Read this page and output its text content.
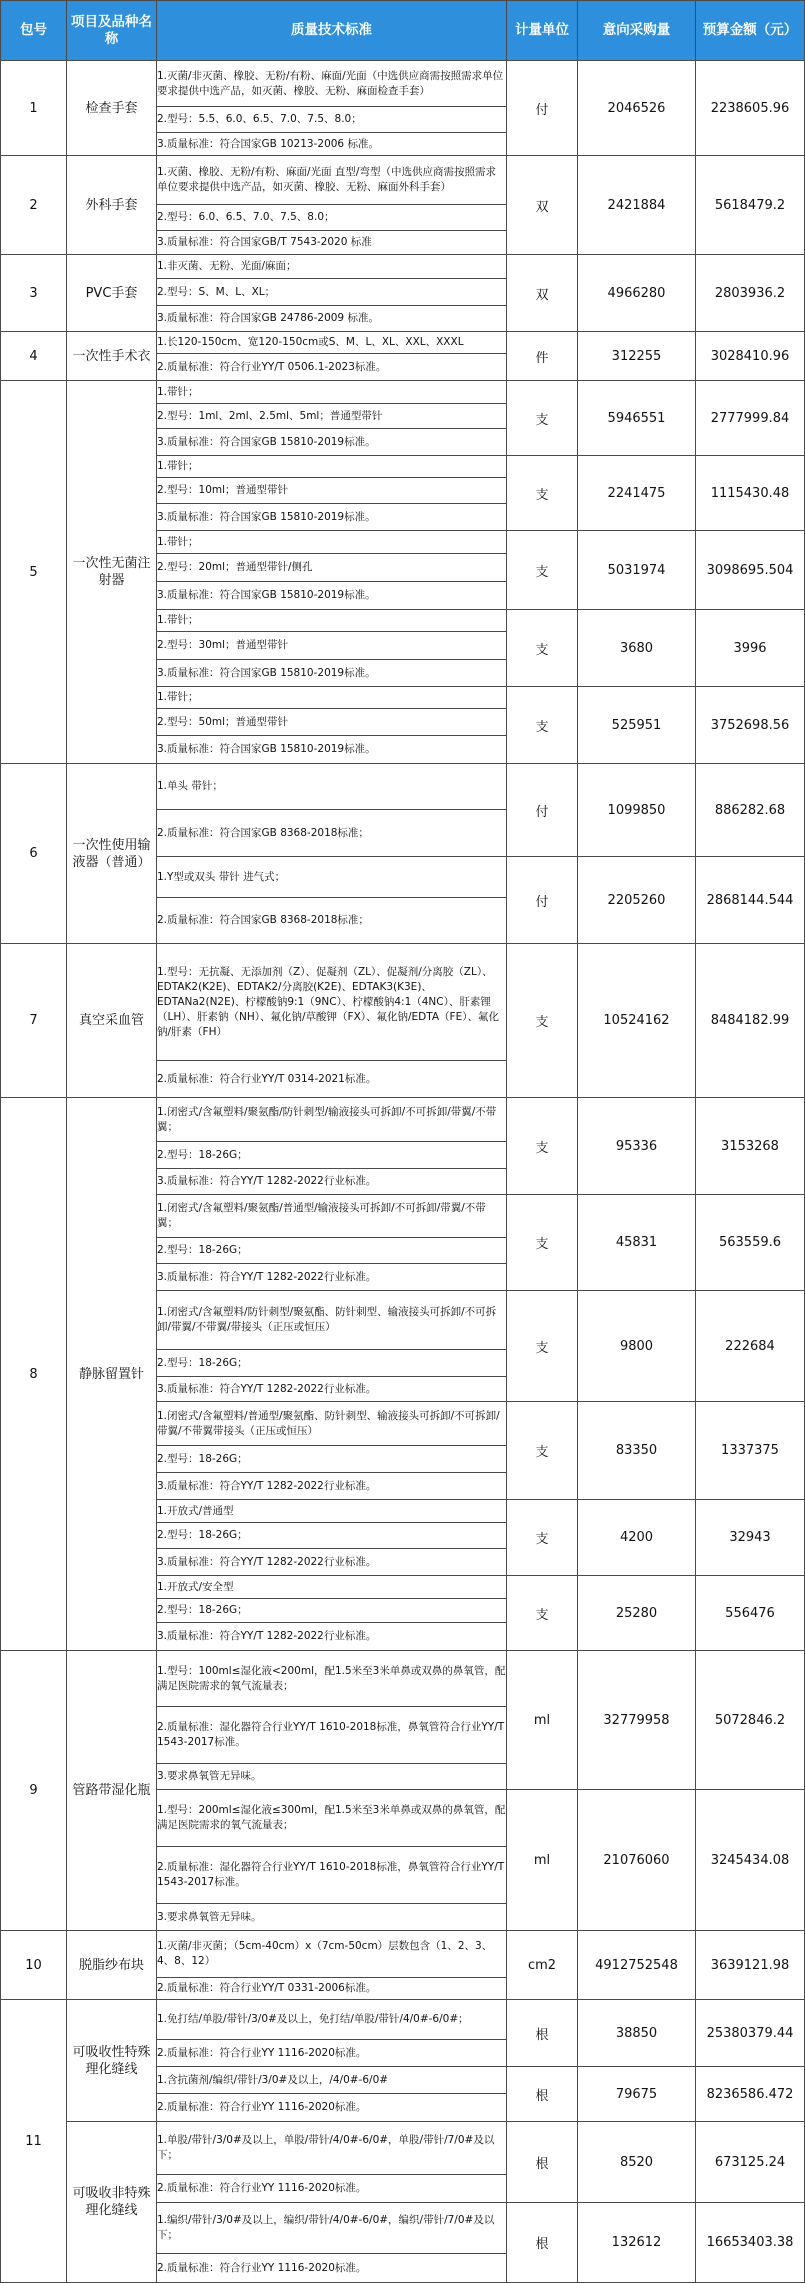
包号	项目及品种名称	质量技术标准	计量单位	意向采购量	预算金额（元）
1	检查手套	1.灭菌/非灭菌、橡胶、无粉/有粉、麻面/光面（中选供应商需按照需求单位要求提供中选产品，如灭菌、橡胶、无粉、麻面检查手套）	付	2046526	2238605.96
		2.型号：5.5、6.0、6.5、7.0、7.5、8.0；			
		3.质量标准：符合国家GB 10213-2006 标准。			
2	外科手套	1.灭菌、橡胶、无粉/有粉、麻面/光面 直型/弯型（中选供应商需按照需求单位要求提供中选产品，如灭菌、橡胶、无粉、麻面外科手套）	双	2421884	5618479.2
		2.型号：6.0、6.5、7.0、7.5、8.0；			
		3.质量标准：符合国家GB/T 7543-2020 标准			
3	PVC手套	1.非灭菌、无粉、光面/麻面；	双	4966280	2803936.2
		2.型号：S、M、L、XL；			
		3.质量标准：符合国家GB 24786-2009 标准。			
4	一次性手术衣	1.长120-150cm、宽120-150cm或S、M、L、XL、XXL、XXXL	件	312255	3028410.96
		2.质量标准：符合行业YY/T 0506.1-2023标准。			
5	一次性无菌注射器	1.带针；	支	5946551	2777999.84
		2.型号：1ml、2ml、2.5ml、5ml；普通型带针			
		3.质量标准：符合国家GB 15810-2019标准。			
		1.带针；	支	2241475	1115430.48
		2.型号：10ml；普通型带针			
		3.质量标准：符合国家GB 15810-2019标准。			
		1.带针；	支	5031974	3098695.504
		2.型号：20ml；普通型带针/侧孔			
		3.质量标准：符合国家GB 15810-2019标准。			
		1.带针；	支	3680	3996
		2.型号：30ml；普通型带针			
		3.质量标准：符合国家GB 15810-2019标准。			
		1.带针；	支	525951	3752698.56
		2.型号：50ml；普通型带针			
		3.质量标准：符合国家GB 15810-2019标准。			
6	一次性使用输液器（普通）	1.单头 带针；	付	1099850	886282.68
		2.质量标准：符合国家GB 8368-2018标准；			
		1.Y型或双头 带针 进气式；	付	2205260	2868144.544
		2.质量标准：符合国家GB 8368-2018标准；			
7	真空采血管	1.型号：无抗凝、无添加剂（Z）、促凝剂（ZL）、促凝剂/分离胶（ZL）、EDTAK2(K2E)、EDTAK2/分离胶(K2E)、EDTAK3(K3E)、EDTANa2(N2E)、柠檬酸钠9:1（9NC）、柠檬酸钠4:1（4NC）、肝素锂（LH）、肝素钠（NH）、氟化钠/草酸钾（FX）、氟化钠/EDTA（FE）、氟化钠/肝素（FH）	支	10524162	8484182.99
		2.质量标准：符合行业YY/T 0314-2021标准。			
8	静脉留置针	1.闭密式/含氟塑料/聚氨酯/防针刺型/输液接头可拆卸/不可拆卸/带翼/不带翼；	支	95336	3153268
		2.型号：18-26G；			
		3.质量标准：符合YY/T 1282-2022行业标准。			
		1.闭密式/含氟塑料/聚氨酯/普通型/输液接头可拆卸/不可拆卸/带翼/不带翼；	支	45831	563559.6
		2.型号：18-26G；			
		3.质量标准：符合YY/T 1282-2022行业标准。			
		1.闭密式/含氟塑料/防针刺型/聚氨酯、防针刺型、输液接头可拆卸/不可拆卸/带翼/不带翼/带接头（正压或恒压）	支	9800	222684
		2.型号：18-26G；			
		3.质量标准：符合YY/T 1282-2022行业标准。			
		1.闭密式/含氟塑料/普通型/聚氨酯、防针刺型、输液接头可拆卸/不可拆卸/带翼/不带翼带接头（正压或恒压）	支	83350	1337375
		2.型号：18-26G；			
		3.质量标准：符合YY/T 1282-2022行业标准。			
		1.开放式/普通型	支	4200	32943
		2.型号：18-26G；			
		3.质量标准：符合YY/T 1282-2022行业标准。			
		1.开放式/安全型	支	25280	556476
		2.型号：18-26G；			
		3.质量标准：符合YY/T 1282-2022行业标准。			
9	管路带湿化瓶	1.型号：100ml≤湿化液<200ml，配1.5米至3米单鼻或双鼻的鼻氧管，配满足医院需求的氧气流量表；	ml	32779958	5072846.2
		2.质量标准：湿化器符合行业YY/T 1610-2018标准，鼻氧管符合行业YY/T 1543-2017标准。			
		3.要求鼻氧管无异味。			
		1.型号：200ml≤湿化液≤300ml，配1.5米至3米单鼻或双鼻的鼻氧管，配满足医院需求的氧气流量表；	ml	21076060	3245434.08
		2.质量标准：湿化器符合行业YY/T 1610-2018标准，鼻氧管符合行业YY/T 1543-2017标准。			
		3.要求鼻氧管无异味。			
10	脱脂纱布块	1.灭菌/非灭菌；（5cm-40cm）x（7cm-50cm）层数包含（1、2、3、4、8、12）	cm2	4912752548	3639121.98
		2.质量标准：符合行业YY/T 0331-2006标准。			
11	可吸收性特殊理化缝线	1.免打结/单股/带针/3/0#及以上，免打结/单股/带针/4/0#-6/0#；	根	38850	25380379.44
		2.质量标准：符合行业YY 1116-2020标准。			
		1.含抗菌剂/编织/带针/3/0#及以上，/4/0#-6/0#	根	79675	8236586.472
		2.质量标准：符合行业YY 1116-2020标准。			
	可吸收非特殊理化缝线	1.单股/带针/3/0#及以上，单股/带针/4/0#-6/0#，单股/带针/7/0#及以下；	根	8520	673125.24
		2.质量标准：符合行业YY 1116-2020标准。			
		1.编织/带针/3/0#及以上，编织/带针/4/0#-6/0#，编织/带针/7/0#及以下；	根	132612	16653403.38
		2.质量标准：符合行业YY 1116-2020标准。			
